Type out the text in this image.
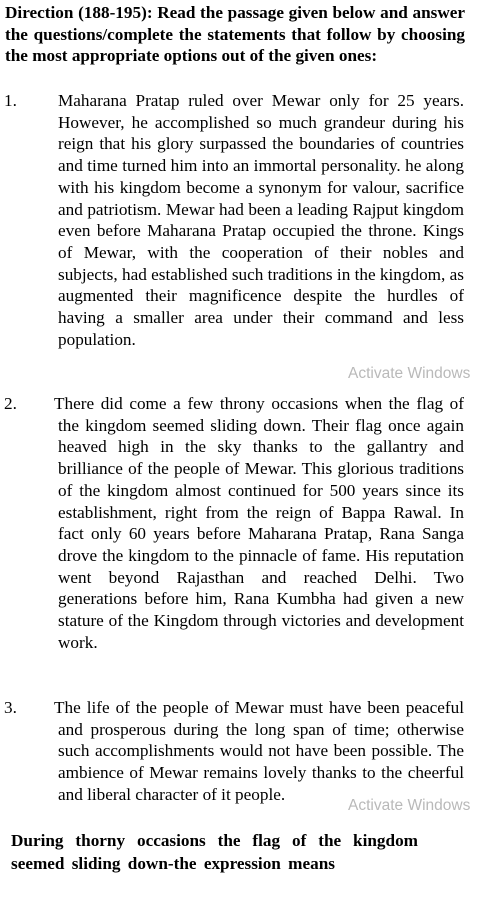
Direction (188-195): Read the passage given below and answer the questions/complete the statements that follow by choosing the most appropriate options out of the given ones:
1. Maharana Pratap ruled over Mewar only for 25 years. However, he accomplished so much grandeur during his reign that his glory surpassed the boundaries of countries and time turned him into an immortal personality. he along with his kingdom become a synonym for valour, sacrifice and patriotism. Mewar had been a leading Rajput kingdom even before Maharana Pratap occupied the throne. Kings of Mewar, with the cooperation of their nobles and subjects, had established such traditions in the kingdom, as augmented their magnificence despite the hurdles of having a smaller area under their command and less population.
2. There did come a few throny occasions when the flag of the kingdom seemed sliding down. Their flag once again heaved high in the sky thanks to the gallantry and brilliance of the people of Mewar. This glorious traditions of the kingdom almost continued for 500 years since its establishment, right from the reign of Bappa Rawal. In fact only 60 years before Maharana Pratap, Rana Sanga drove the kingdom to the pinnacle of fame. His reputation went beyond Rajasthan and reached Delhi. Two generations before him, Rana Kumbha had given a new stature of the Kingdom through victories and development work.
3. The life of the people of Mewar must have been peaceful and prosperous during the long span of time; otherwise such accomplishments would not have been possible. The ambience of Mewar remains lovely thanks to the cheerful and liberal character of it people.
During thorny occasions the flag of the kingdom seemed sliding down-the expression means
Activate Windows
Activate Windows
